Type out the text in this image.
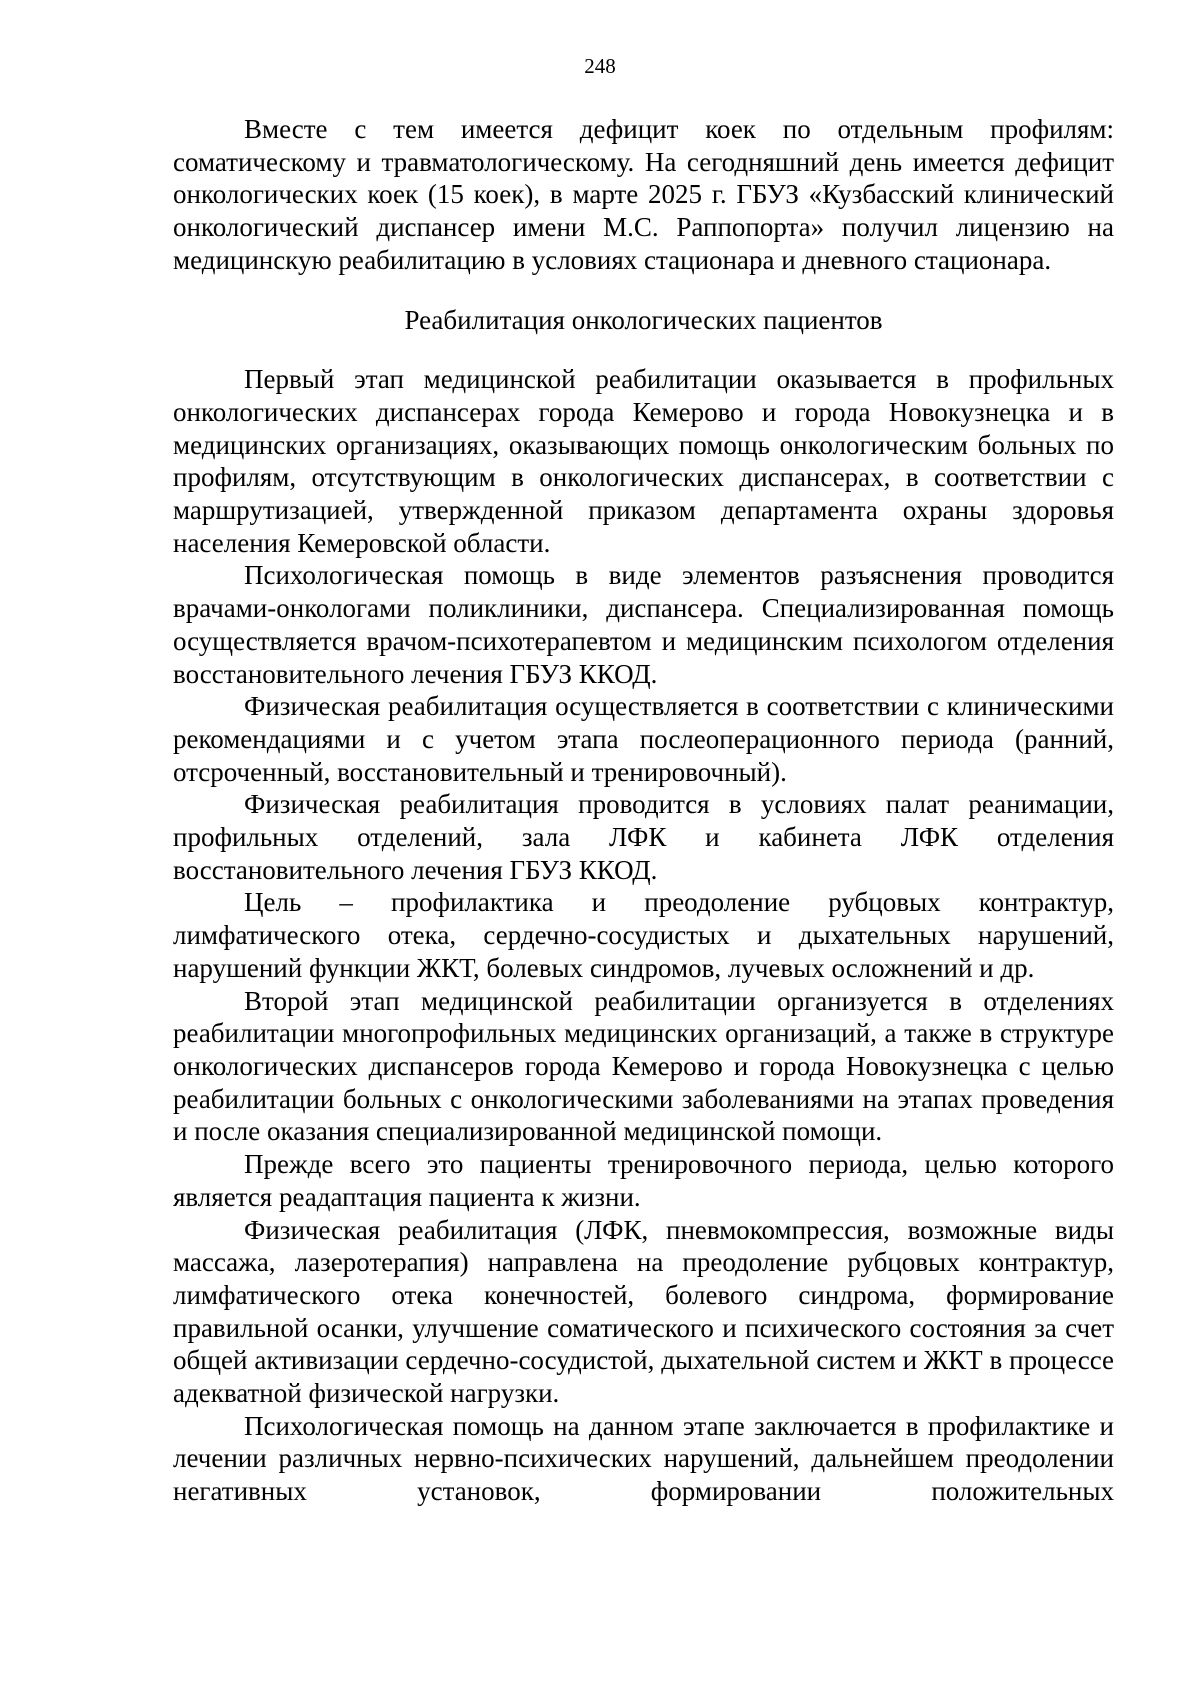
248

Вместе с тем имеется дефицит коек по отдельным профилям: соматическому и травматологическому. На сегодняшний день имеется дефицит онкологических коек (15 коек), в марте 2025 г. ГБУЗ «Кузбасский клинический онкологический диспансер имени М.С. Раппопорта» получил лицензию на медицинскую реабилитацию в условиях стационара и дневного стационара.

Реабилитация онкологических пациентов

Первый этап медицинской реабилитации оказывается в профильных онкологических диспансерах города Кемерово и города Новокузнецка и в медицинских организациях, оказывающих помощь онкологическим больных по профилям, отсутствующим в онкологических диспансерах, в соответствии с маршрутизацией, утвержденной приказом департамента охраны здоровья населения Кемеровской области.

Психологическая помощь в виде элементов разъяснения проводится врачами-онкологами поликлиники, диспансера. Специализированная помощь осуществляется врачом-психотерапевтом и медицинским психологом отделения восстановительного лечения ГБУЗ ККОД.

Физическая реабилитация осуществляется в соответствии с клиническими рекомендациями и с учетом этапа послеоперационного периода (ранний, отсроченный, восстановительный и тренировочный).

Физическая реабилитация проводится в условиях палат реанимации, профильных отделений, зала ЛФК и кабинета ЛФК отделения восстановительного лечения ГБУЗ ККОД.

Цель – профилактика и преодоление рубцовых контрактур, лимфатического отека, сердечно-сосудистых и дыхательных нарушений, нарушений функции ЖКТ, болевых синдромов, лучевых осложнений и др.

Второй этап медицинской реабилитации организуется в отделениях реабилитации многопрофильных медицинских организаций, а также в структуре онкологических диспансеров города Кемерово и города Новокузнецка с целью реабилитации больных с онкологическими заболеваниями на этапах проведения и после оказания специализированной медицинской помощи.

Прежде всего это пациенты тренировочного периода, целью которого является реадаптация пациента к жизни.

Физическая реабилитация (ЛФК, пневмокомпрессия, возможные виды массажа, лазеротерапия) направлена на преодоление рубцовых контрактур, лимфатического отека конечностей, болевого синдрома, формирование правильной осанки, улучшение соматического и психического состояния за счет общей активизации сердечно-сосудистой, дыхательной систем и ЖКТ в процессе адекватной физической нагрузки.

Психологическая помощь на данном этапе заключается в профилактике и лечении различных нервно-психических нарушений, дальнейшем преодолении негативных установок, формировании положительных
